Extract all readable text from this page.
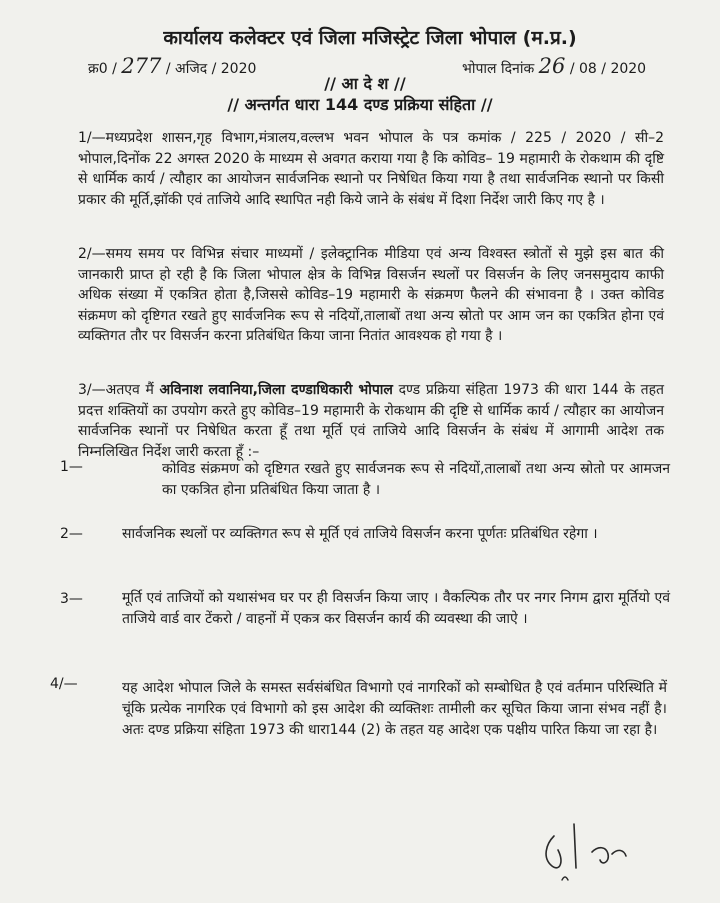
कार्यालय कलेक्टर एवं जिला मजिस्ट्रेट जिला भोपाल (म.प्र.)
क्र0 / 277 / अजिद / 2020	भोपाल दिनांक 26 / 08 / 2020
// आ दे श //
// अन्तर्गत धारा 144 दण्ड प्रक्रिया संहिता //
1/—मध्यप्रदेश शासन,गृह विभाग,मंत्रालय,वल्लभ भवन भोपाल के पत्र कमांक / 225 / 2020 / सी–2 भोपाल,दिनोंक 22 अगस्त 2020 के माध्यम से अवगत कराया गया है कि कोविड– 19 महामारी के रोकथाम की दृष्टि से धार्मिक कार्य / त्यौहार का आयोजन सार्वजनिक स्थानो पर निषेधित किया गया है तथा सार्वजनिक स्थानो पर किसी प्रकार की मूर्ति,झॉकी एवं ताजिये आदि स्थापित नही किये जाने के संबंध में दिशा निर्देश जारी किए गए है ।
2/—समय समय पर विभिन्न संचार माध्यमों / इलेक्ट्रानिक मीडिया एवं अन्य विश्वस्त स्त्रोतों से मुझे इस बात की जानकारी प्राप्त हो रही है कि जिला भोपाल क्षेत्र के विभिन्न विसर्जन स्थलों पर विसर्जन के लिए जनसमुदाय काफी अधिक संख्या में एकत्रित होता है,जिससे कोविड–19 महामारी के संक्रमण फैलने की संभावना है । उक्त कोविड संक्रमण को दृष्टिगत रखते हुए सार्वजनिक रूप से नदियों,तालाबों तथा अन्य स्रोतो पर आम जन का एकत्रित होना एवं व्यक्तिगत तौर पर विसर्जन करना प्रतिबंधित किया जाना नितांत आवश्यक हो गया है ।
3/—अतएव मैं अविनाश लवानिया,जिला दण्डाधिकारी भोपाल दण्ड प्रक्रिया संहिता 1973 की धारा 144 के तहत प्रदत्त शक्तियों का उपयोग करते हुए कोविड–19 महामारी के रोकथाम की दृष्टि से धार्मिक कार्य / त्यौहार का आयोजन सार्वजनिक स्थानों पर निषेधित करता हूँ तथा मूर्ति एवं ताजिये आदि विसर्जन के संबंध में आगामी आदेश तक निम्नलिखित निर्देश जारी करता हूँ :–
1—	कोविड संक्रमण को दृष्टिगत रखते हुए सार्वजनक रूप से नदियों,तालाबों तथा अन्य स्रोतो पर आमजन का एकत्रित होना प्रतिबंधित किया जाता है ।
2—	सार्वजनिक स्थलों पर व्यक्तिगत रूप से मूर्ति एवं ताजिये विसर्जन करना पूर्णतः प्रतिबंधित रहेगा ।
3—	मूर्ति एवं ताजियों को यथासंभव घर पर ही विसर्जन किया जाए । वैकल्पिक तौर पर नगर निगम द्वारा मूर्तियो एवं ताजिये वार्ड वार टेंकरो / वाहनों में एकत्र कर विसर्जन कार्य की व्यवस्था की जाऐ ।
4/—	यह आदेश भोपाल जिले के समस्त सर्वसंबंधित विभागो एवं नागरिकों को सम्बोधित है एवं वर्तमान परिस्थिति में चूंकि प्रत्येक नागरिक एवं विभागो को इस आदेश की व्यक्तिशः तामीली कर सूचित किया जाना संभव नहीं है। अतः दण्ड प्रक्रिया संहिता 1973 की धारा144 (2) के तहत यह आदेश एक पक्षीय पारित किया जा रहा है।
